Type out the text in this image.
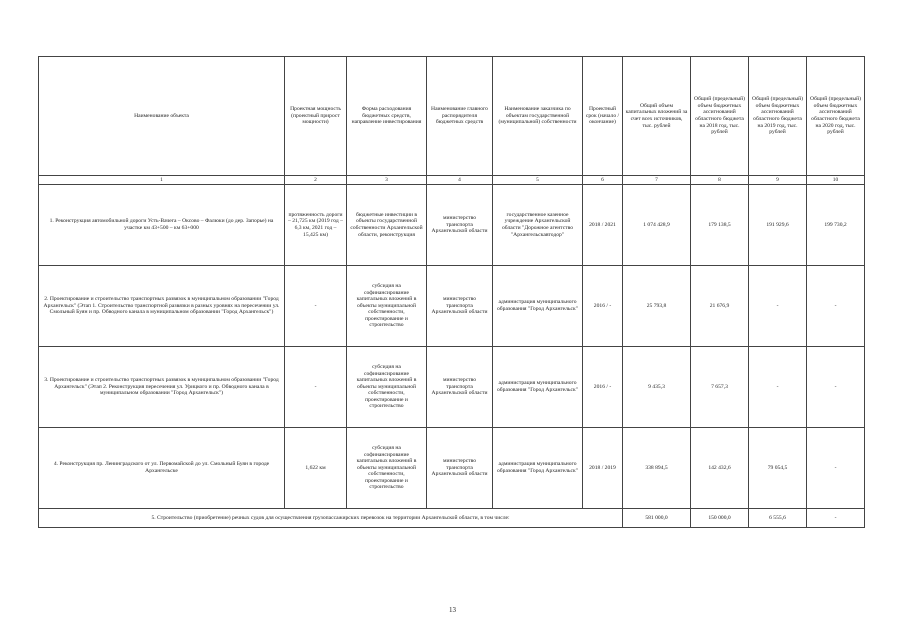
Наименование объекта	Проектная мощность (проектный прирост мощности)	Форма расходования бюджетных средств, направление инвестирования	Наименование главного распорядителя бюджетных средств	Наименование заказчика по объектам государственной (муниципальной) собственности	Проектный срок (начало / окончание)	Общий объем капитальных вложений за счет всех источников, тыс. рублей	Общий (предельный) объем бюджетных ассигнований областного бюджета на 2018 год, тыс. рублей	Общий (предельный) объем бюджетных ассигнований областного бюджета на 2019 год, тыс. рублей	Общий (предельный) объем бюджетных ассигнований областного бюджета на 2020 год, тыс. рублей
1	2	3	4	5	6	7	8	9	10
1. Реконструкция автомобильной дороги Усть-Вачега – Оксово – Фалюки (до дер. Запорье) на участке км 43+500 – км 63+000	протяженность дороги – 21,725 км (2019 год – 6,3 км, 2021 год – 15,425 км)	бюджетные инвестиции в объекты государственной собственности Архангельской области, реконструкция	министерство транспорта Архангельской области	государственное казенное учреждение Архангельской области "Дорожное агентство "Архангельскавтодор"	2018 / 2021	1 074 428,9	179 138,5	191 929,6	199 730,2
2. Проектирование и строительство транспортных развязок в муниципальном образовании "Город Архангельск" (Этап 1. Строительство транспортной развязки в разных уровнях на пересечении ул. Смольный Буян и пр. Обводного канала в муниципальном образовании "Город Архангельск")	-	субсидия на софинансирование капитальных вложений в объекты муниципальной собственности, проектирование и строительство	министерство транспорта Архангельской области	администрация муниципального образования "Город Архангельск"	2016 / -	25 793,8	21 676,9	-	-
3. Проектирование и строительство транспортных развязок в муниципальном образовании "Город Архангельск" (Этап 2. Реконструкция пересечения ул. Урицкого и пр. Обводного канала в муниципальном образовании "Город Архангельск")	-	субсидия на софинансирование капитальных вложений в объекты муниципальной собственности, проектирование и строительство	министерство транспорта Архангельской области	администрация муниципального образования "Город Архангельск"	2016 / -	9 435,3	7 657,3	-	-
4. Реконструкция пр. Ленинградского от ул. Первомайской до ул. Смольный Буян в городе Архангельске	1,622 км	субсидия на софинансирование капитальных вложений в объекты муниципальной собственности, проектирование и строительство	министерство транспорта Архангельской области	администрация муниципального образования "Город Архангельск"	2018 / 2019	338 894,5	142 432,6	79 054,5	-
5. Строительство (приобретение) речных судов для осуществления грузопассажирских перевозок на территории Архангельской области, в том числе:						581 000,0	150 000,0	6 555,6	-
13
